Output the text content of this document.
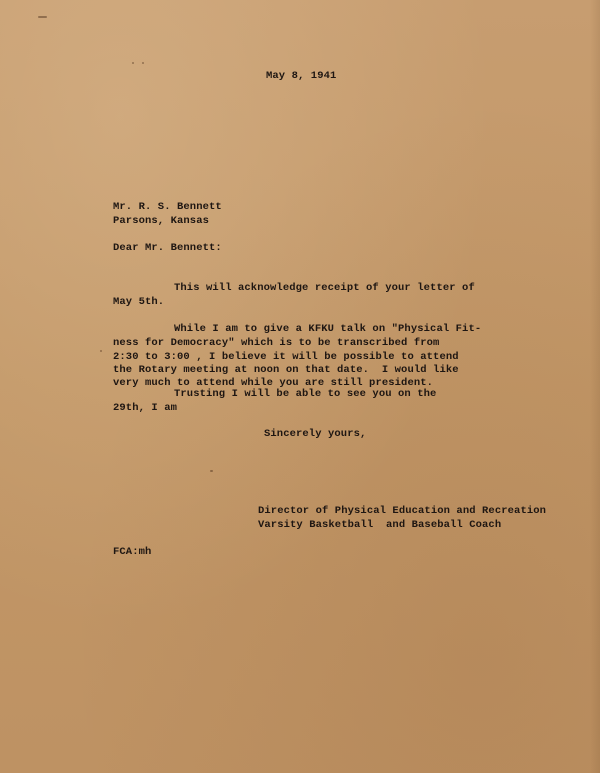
May 8, 1941
Mr. R. S. Bennett
Parsons, Kansas
Dear Mr. Bennett:
This will acknowledge receipt of your letter of
May 5th.
While I am to give a KFKU talk on "Physical Fit-
ness for Democracy" which is to be transcribed from
2:30 to 3:00 , I believe it will be possible to attend
the Rotary meeting at noon on that date.  I would like
very much to attend while you are still president.
Trusting I will be able to see you on the
29th, I am
Sincerely yours,
Director of Physical Education and Recreation
Varsity Basketball  and Baseball Coach
FCA:mh
